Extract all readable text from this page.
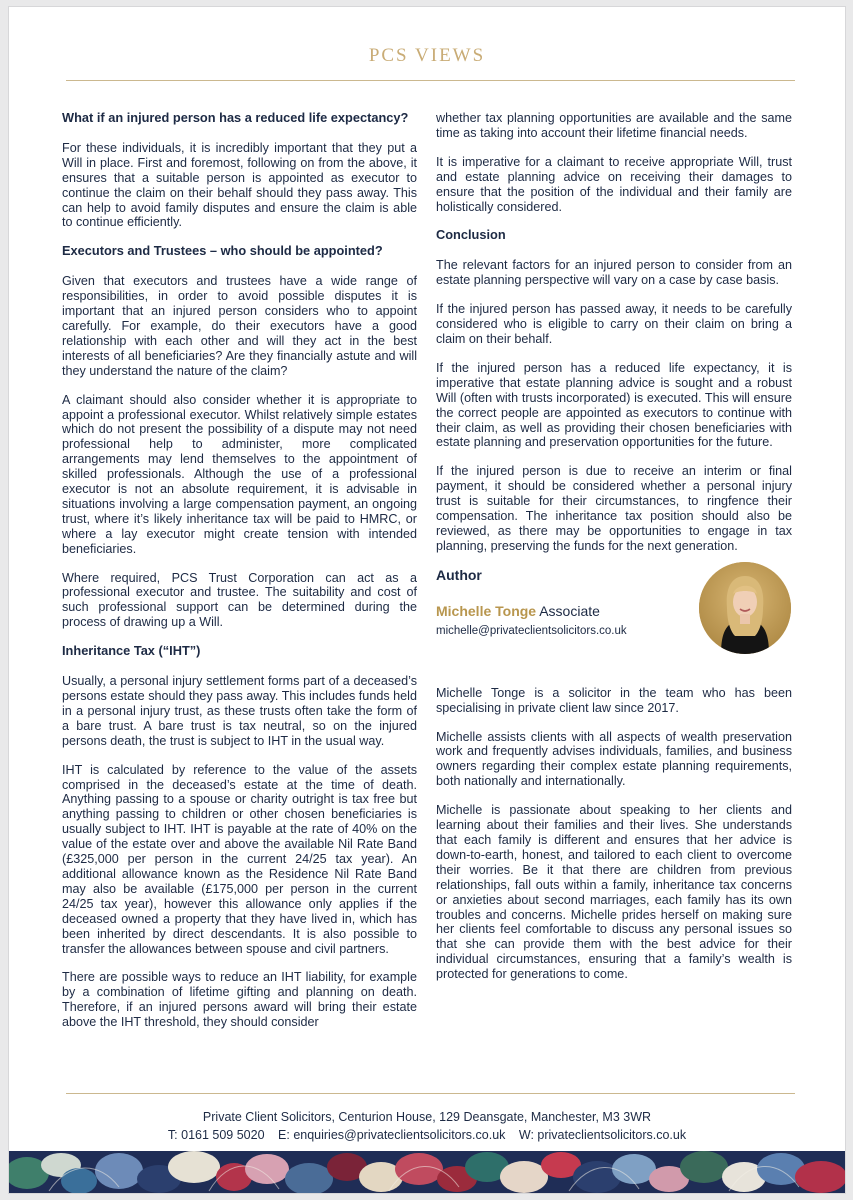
PCS VIEWS
What if an injured person has a reduced life expectancy?

For these individuals, it is incredibly important that they put a Will in place. First and foremost, following on from the above, it ensures that a suitable person is appointed as executor to continue the claim on their behalf should they pass away. This can help to avoid family disputes and ensure the claim is able to continue efficiently.

Executors and Trustees – who should be appointed?

Given that executors and trustees have a wide range of responsibilities, in order to avoid possible disputes it is important that an injured person considers who to appoint carefully. For example, do their executors have a good relationship with each other and will they act in the best interests of all beneficiaries? Are they financially astute and will they understand the nature of the claim?

A claimant should also consider whether it is appropriate to appoint a professional executor. Whilst relatively simple estates which do not present the possibility of a dispute may not need professional help to administer, more complicated arrangements may lend themselves to the appointment of skilled professionals. Although the use of a professional executor is not an absolute requirement, it is advisable in situations involving a large compensation payment, an ongoing trust, where it’s likely inheritance tax will be paid to HMRC, or where a lay executor might create tension with intended beneficiaries.

Where required, PCS Trust Corporation can act as a professional executor and trustee. The suitability and cost of such professional support can be determined during the process of drawing up a Will.

Inheritance Tax (“IHT”)

Usually, a personal injury settlement forms part of a deceased’s persons estate should they pass away. This includes funds held in a personal injury trust, as these trusts often take the form of a bare trust. A bare trust is tax neutral, so on the injured persons death, the trust is subject to IHT in the usual way.

IHT is calculated by reference to the value of the assets comprised in the deceased’s estate at the time of death. Anything passing to a spouse or charity outright is tax free but anything passing to children or other chosen beneficiaries is usually subject to IHT. IHT is payable at the rate of 40% on the value of the estate over and above the available Nil Rate Band (£325,000 per person in the current 24/25 tax year). An additional allowance known as the Residence Nil Rate Band may also be available (£175,000 per person in the current 24/25 tax year), however this allowance only applies if the deceased owned a property that they have lived in, which has been inherited by direct descendants. It is also possible to transfer the allowances between spouse and civil partners.

There are possible ways to reduce an IHT liability, for example by a combination of lifetime gifting and planning on death. Therefore, if an injured persons award will bring their estate above the IHT threshold, they should consider

whether tax planning opportunities are available and the same time as taking into account their lifetime financial needs.

It is imperative for a claimant to receive appropriate Will, trust and estate planning advice on receiving their damages to ensure that the position of the individual and their family are holistically considered.

Conclusion

The relevant factors for an injured person to consider from an estate planning perspective will vary on a case by case basis.

If the injured person has passed away, it needs to be carefully considered who is eligible to carry on their claim on bring a claim on their behalf.

If the injured person has a reduced life expectancy, it is imperative that estate planning advice is sought and a robust Will (often with trusts incorporated) is executed. This will ensure the correct people are appointed as executors to continue with their claim, as well as providing their chosen beneficiaries with estate planning and preservation opportunities for the future.

If the injured person is due to receive an interim or final payment, it should be considered whether a personal injury trust is suitable for their circumstances, to ringfence their compensation. The inheritance tax position should also be reviewed, as there may be opportunities to engage in tax planning, preserving the funds for the next generation.

Author
Michelle Tonge Associate
michelle@privateclientsolicitors.co.uk

Michelle Tonge is a solicitor in the team who has been specialising in private client law since 2017.

Michelle assists clients with all aspects of wealth preservation work and frequently advises individuals, families, and business owners regarding their complex estate planning requirements, both nationally and internationally.

Michelle is passionate about speaking to her clients and learning about their families and their lives. She understands that each family is different and ensures that her advice is down-to-earth, honest, and tailored to each client to overcome their worries. Be it that there are children from previous relationships, fall outs within a family, inheritance tax concerns or anxieties about second marriages, each family has its own troubles and concerns. Michelle prides herself on making sure her clients feel comfortable to discuss any personal issues so that she can provide them with the best advice for their individual circumstances, ensuring that a family’s wealth is protected for generations to come.

Private Client Solicitors, Centurion House, 129 Deansgate, Manchester, M3 3WR
T: 0161 509 5020 E: enquiries@privateclientsolicitors.co.uk W: privateclientsolicitors.co.uk
